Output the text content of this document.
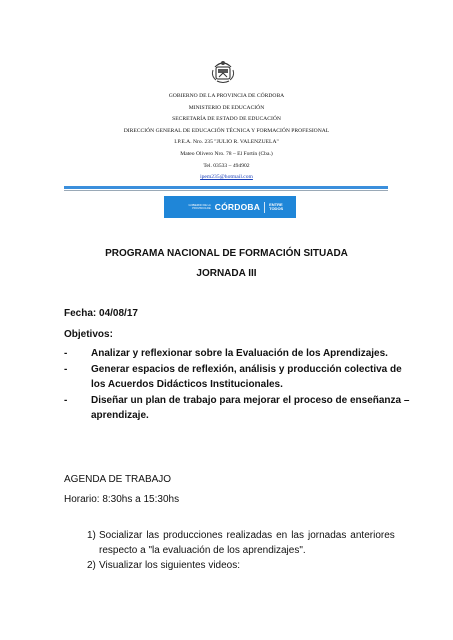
GOBIERNO DE LA PROVINCIA DE CÓRDOBA
MINISTERIO DE EDUCACIÓN
SECRETARÍA DE ESTADO DE EDUCACIÓN
DIRECCIÓN GENERAL DE EDUCACIÓN TÉCNICA Y FORMACIÓN PROFESIONAL
I.P.E.A. Nro. 235 "JULIO R. VALENZUELA"
Mateo Olivero Nro. 78 – El Fortín (Cba.)
Tel. 03533 – 494902
ipem235@hotmail.com
GOBIERNO DE LA PROVINCIA DE CÓRDOBA ENTRE
TODOS
PROGRAMA NACIONAL DE FORMACIÓN SITUADA
JORNADA III
Fecha: 04/08/17
Objetivos:
- Analizar y reflexionar sobre la Evaluación de los Aprendizajes.
- Generar espacios de reflexión, análisis y producción colectiva de
los Acuerdos Didácticos Institucionales.
- Diseñar un plan de trabajo para mejorar el proceso de enseñanza –
aprendizaje.
AGENDA DE TRABAJO
Horario: 8:30hs a 15:30hs
1) Socializar las producciones realizadas en las jornadas anteriores
respecto a "la evaluación de los aprendizajes".
2) Visualizar los siguientes videos:
